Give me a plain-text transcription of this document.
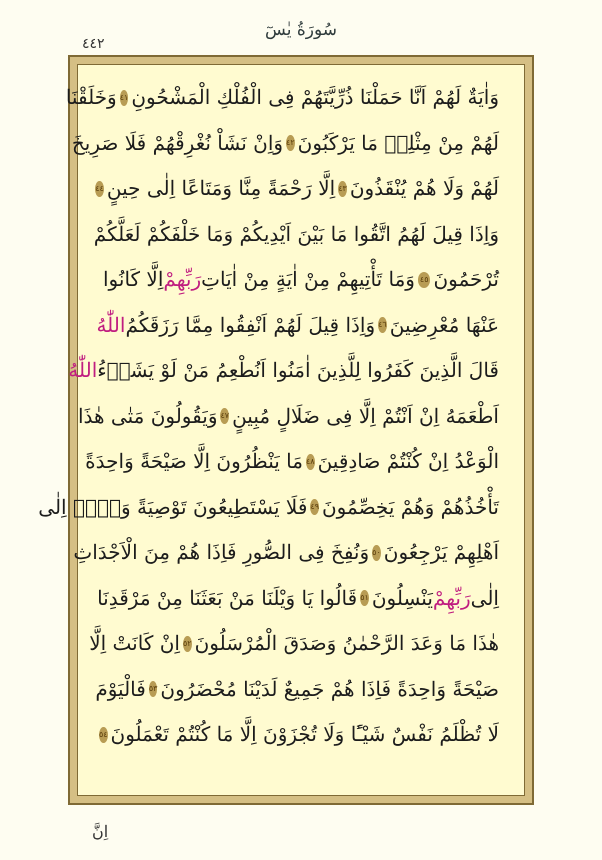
سُورَةُ يٰسٓ
٤٤٢
وَاٰيَةٌ لَهُمْ اَنَّا حَمَلْنَا ذُرِّيَّتَهُمْ فِى الْفُلْكِ الْمَشْحُونِ
٤١
وَخَلَقْنَا
لَهُمْ مِنْ مِثْلِهٖ مَا يَرْكَبُونَ
٤٢
وَاِنْ نَشَاْ نُغْرِقْهُمْ فَلَا صَرِيخَ
لَهُمْ وَلَا هُمْ يُنْقَذُونَ
٤٣
اِلَّا رَحْمَةً مِنَّا وَمَتَاعًا اِلٰى حِينٍ
٤٤
وَاِذَا قِيلَ لَهُمُ اتَّقُوا مَا بَيْنَ اَيْدِيكُمْ وَمَا خَلْفَكُمْ لَعَلَّكُمْ
تُرْحَمُونَ
٤٥
وَمَا تَأْتِيهِمْ مِنْ اٰيَةٍ مِنْ اٰيَاتِ
رَبِّهِمْ
اِلَّا كَانُوا
عَنْهَا مُعْرِضِينَ
٤٦
وَاِذَا قِيلَ لَهُمْ اَنْفِقُوا مِمَّا رَزَقَكُمُ
اللّٰهُ
قَالَ الَّذِينَ كَفَرُوا لِلَّذِينَ اٰمَنُوا اَنُطْعِمُ مَنْ لَوْ يَشَاۤءُ
اللّٰهُ
اَطْعَمَهُ اِنْ اَنْتُمْ اِلَّا فِى ضَلَالٍ مُبِينٍ
٤٧
وَيَقُولُونَ مَتٰى هٰذَا
الْوَعْدُ اِنْ كُنْتُمْ صَادِقِينَ
٤٨
مَا يَنْظُرُونَ اِلَّا صَيْحَةً وَاحِدَةً
تَأْخُذُهُمْ وَهُمْ يَخِصِّمُونَ
٤٩
فَلَا يَسْتَطِيعُونَ تَوْصِيَةً وَلَاۤ اِلٰى
اَهْلِهِمْ يَرْجِعُونَ
٥٠
وَنُفِخَ فِى الصُّورِ فَاِذَا هُمْ مِنَ الْاَجْدَاثِ
اِلٰى
رَبِّهِمْ
يَنْسِلُونَ
٥١
قَالُوا يَا وَيْلَنَا مَنْ بَعَثَنَا مِنْ مَرْقَدِنَا
هٰذَا مَا وَعَدَ الرَّحْمٰنُ وَصَدَقَ الْمُرْسَلُونَ
٥٢
اِنْ كَانَتْ اِلَّا
صَيْحَةً وَاحِدَةً فَاِذَا هُمْ جَمِيعٌ لَدَيْنَا مُحْضَرُونَ
٥٣
فَالْيَوْمَ
لَا تُظْلَمُ نَفْسٌ شَيْـًٔا وَلَا تُجْزَوْنَ اِلَّا مَا كُنْتُمْ تَعْمَلُونَ
٥٤
اِنَّ
